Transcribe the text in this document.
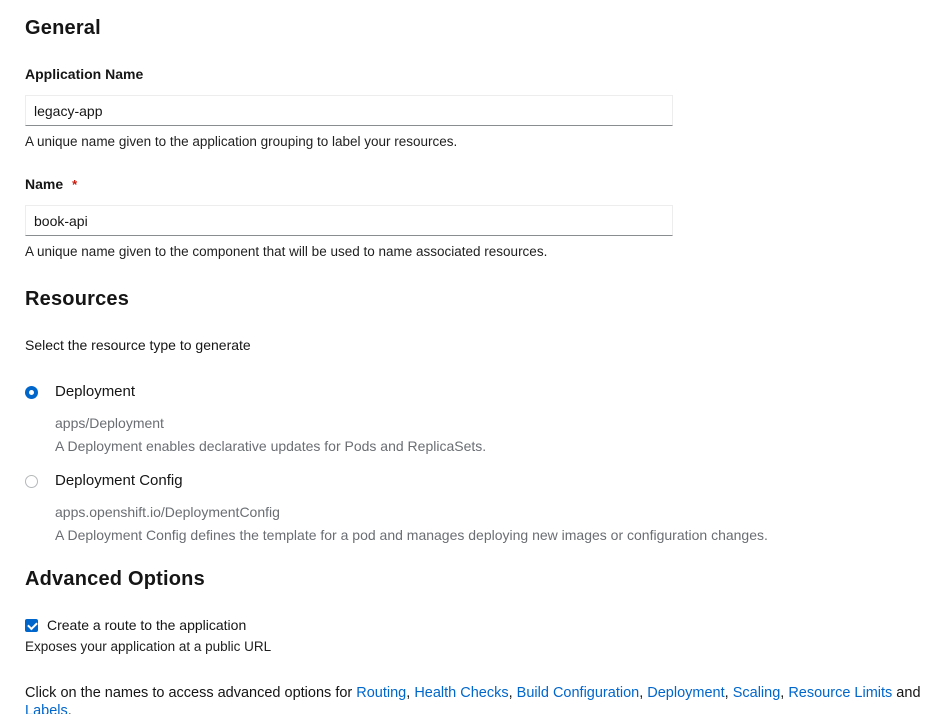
General
Application Name
legacy-app
A unique name given to the application grouping to label your resources.
Name *
book-api
A unique name given to the component that will be used to name associated resources.
Resources
Select the resource type to generate
Deployment
apps/Deployment
A Deployment enables declarative updates for Pods and ReplicaSets.
Deployment Config
apps.openshift.io/DeploymentConfig
A Deployment Config defines the template for a pod and manages deploying new images or configuration changes.
Advanced Options
Create a route to the application
Exposes your application at a public URL

Click on the names to access advanced options for Routing, Health Checks, Build Configuration, Deployment, Scaling, Resource Limits and Labels.
